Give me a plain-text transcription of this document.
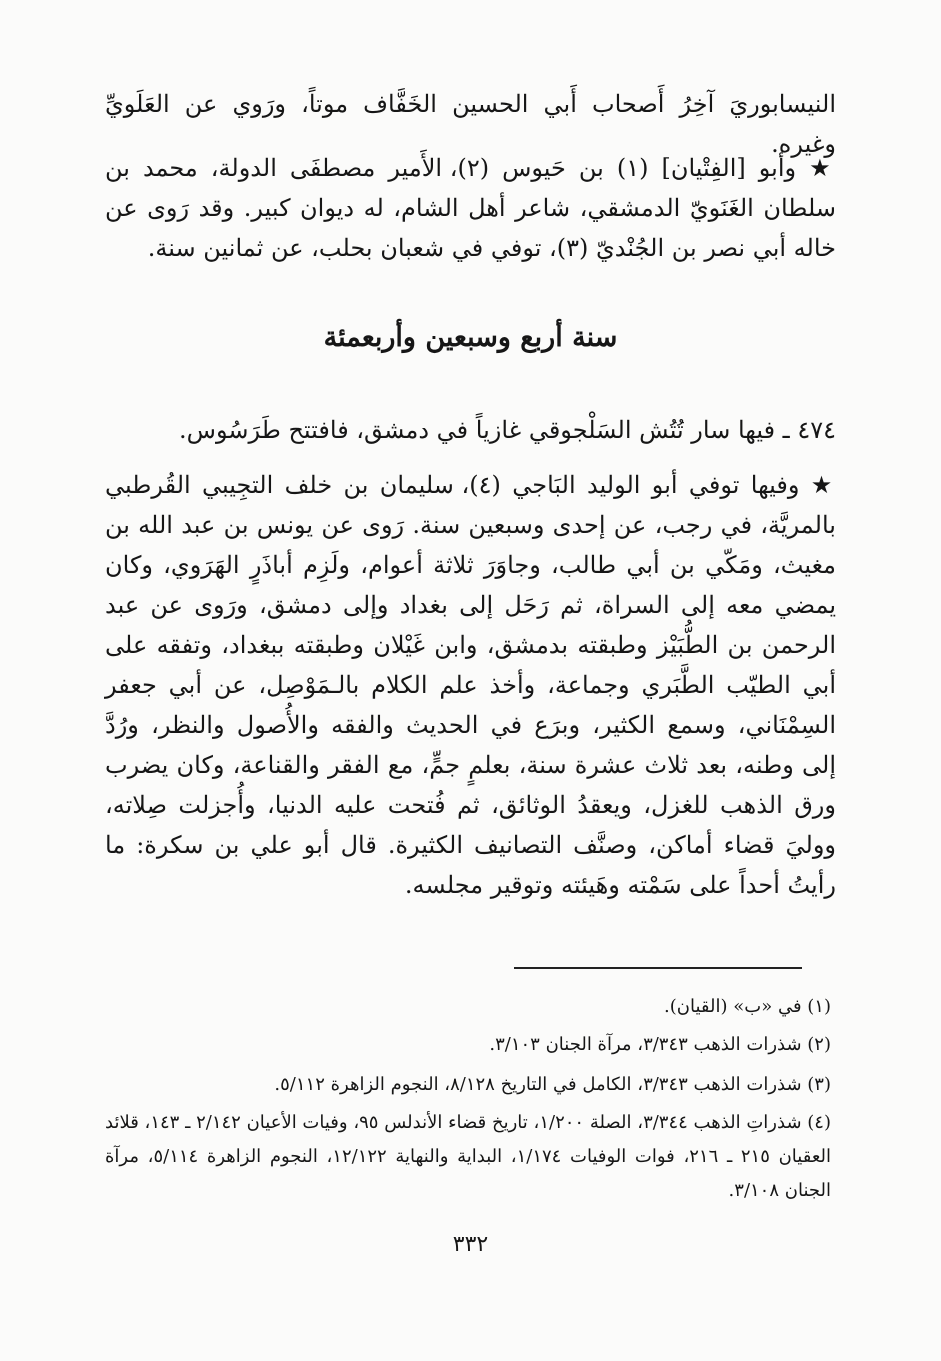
النيسابوريَ آخِرُ أَصحاب أَبي الحسين الخَفَّاف موتاً، ورَوي عن العَلَويِّ وغيره.
★ وأبو [الفِتْيان] (١) بن حَيوس (٢)، الأَمير مصطفَى الدولة، محمد بن سلطان الغَنَويّ الدمشقي، شاعر أهل الشام، له ديوان كبير. وقد رَوى عن خاله أبي نصر بن الجُنْديّ (٣)، توفي في شعبان بحلب، عن ثمانين سنة.
سنة أربع وسبعين وأربعمئة
٤٧٤ ـ فيها سار تُتُش السَلْجوقي غازياً في دمشق، فافتتح طَرَسُوس.
★ وفيها توفي أبو الوليد البَاجي (٤)، سليمان بن خلف التجِيبي القُرطبي بالمريَّة، في رجب، عن إحدى وسبعين سنة. رَوى عن يونس بن عبد الله بن مغيث، ومَكّي بن أبي طالب، وجاوَرَ ثلاثة أعوام، ولَزِم أباذَرٍ الهَرَوي، وكان يمضي معه إلى السراة، ثم رَحَل إلى بغداد وإلى دمشق، ورَوى عن عبد الرحمن بن الطُّبَيْز وطبقته بدمشق، وابن غَيْلان وطبقته ببغداد، وتفقه على أبي الطيّب الطَّبَري وجماعة، وأخذ علم الكلام بالـمَوْصِل، عن أبي جعفر السِمْنَاني، وسمع الكثير، وبرَع في الحديث والفقه والأُصول والنظر، ورُدَّ إلى وطنه، بعد ثلاث عشرة سنة، بعلمٍ جمٍّ، مع الفقر والقناعة، وكان يضرب ورق الذهب للغزل، ويعقدُ الوثائق، ثم فُتحت عليه الدنيا، وأُجزلت صِلاته، ووليَ قضاء أماكن، وصنَّف التصانيف الكثيرة. قال أبو علي بن سكرة: ما رأيتُ أحداً على سَمْته وهَيئته وتوقير مجلسه.
(١) في «ب» (القيان).
(٢) شذرات الذهب ٣/٣٤٣، مرآة الجنان ٣/١٠٣.
(٣) شذرات الذهب ٣/٣٤٣، الكامل في التاريخ ٨/١٢٨، النجوم الزاهرة ٥/١١٢.
(٤) شذراتِ الذهب ٣/٣٤٤، الصلة ١/٢٠٠، تاريخ قضاء الأندلس ٩٥، وفيات الأعيان ٢/١٤٢ ـ ١٤٣، قلائد العقيان ٢١٥ ـ ٢١٦، فوات الوفيات ١/١٧٤، البداية والنهاية ١٢/١٢٢، النجوم الزاهرة ٥/١١٤، مرآة الجنان ٣/١٠٨.
٣٣٢
